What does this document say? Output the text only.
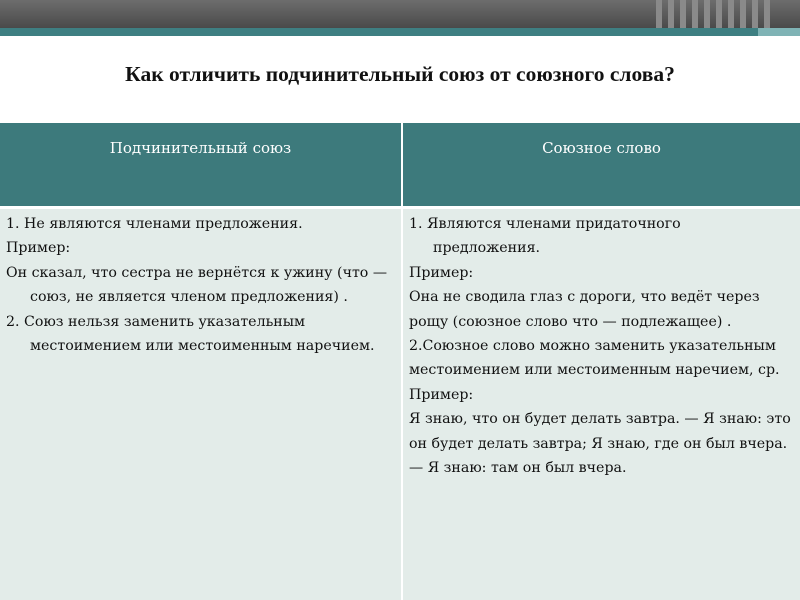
Как отличить подчинительный союз от союзного слова?
Подчинительный союз	Союзное слово

1. Не являются членами предложения.

Пример:

Он сказал, что сестра не вернётся к ужину (что — союз, не является членом предложения) .

2. Союз нельзя заменить указательным местоимением или местоименным наречием.

1. Являются членами придаточного предложения.

Пример:

Она не сводила глаз с дороги, что ведёт через рощу (союзное слово что — подлежащее) .

2.Союзное слово можно заменить указательным местоимением или местоименным наречием, ср.

Пример:

Я знаю, что он будет делать завтра. — Я знаю: это он будет делать завтра; Я знаю, где он был вчера. — Я знаю: там он был вчера.
